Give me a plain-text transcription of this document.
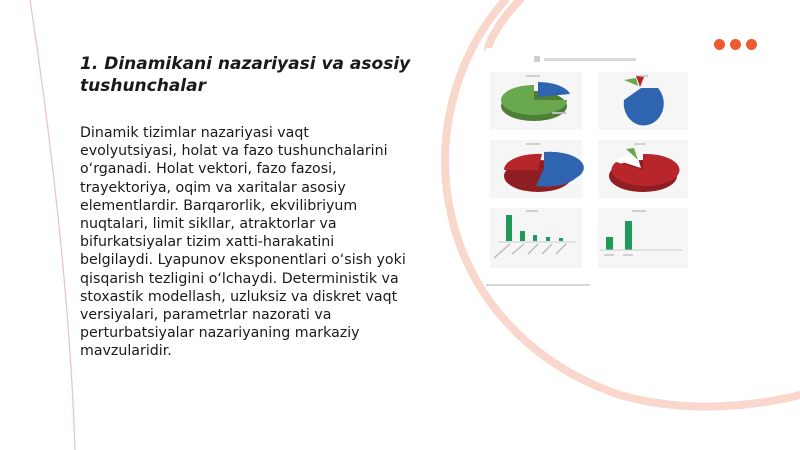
1. Dinamikani nazariyasi va asosiy tushunchalar

Dinamik tizimlar nazariyasi vaqt evolyutsiyasi, holat va fazo tushunchalarini o‘rganadi. Holat vektori, fazo fazosi, trayektoriya, oqim va xaritalar asosiy elementlardir. Barqarorlik, ekvilibriyum nuqtalari, limit sikllar, atraktorlar va bifurkatsiyalar tizim xatti-harakatini belgilaydi. Lyapunov eksponentlari o‘sish yoki qisqarish tezligini o‘lchaydi. Deterministik va stoxastik modellash, uzluksiz va diskret vaqt versiyalari, parametrlar nazorati va perturbatsiyalar nazariyaning markaziy mavzularidir.
